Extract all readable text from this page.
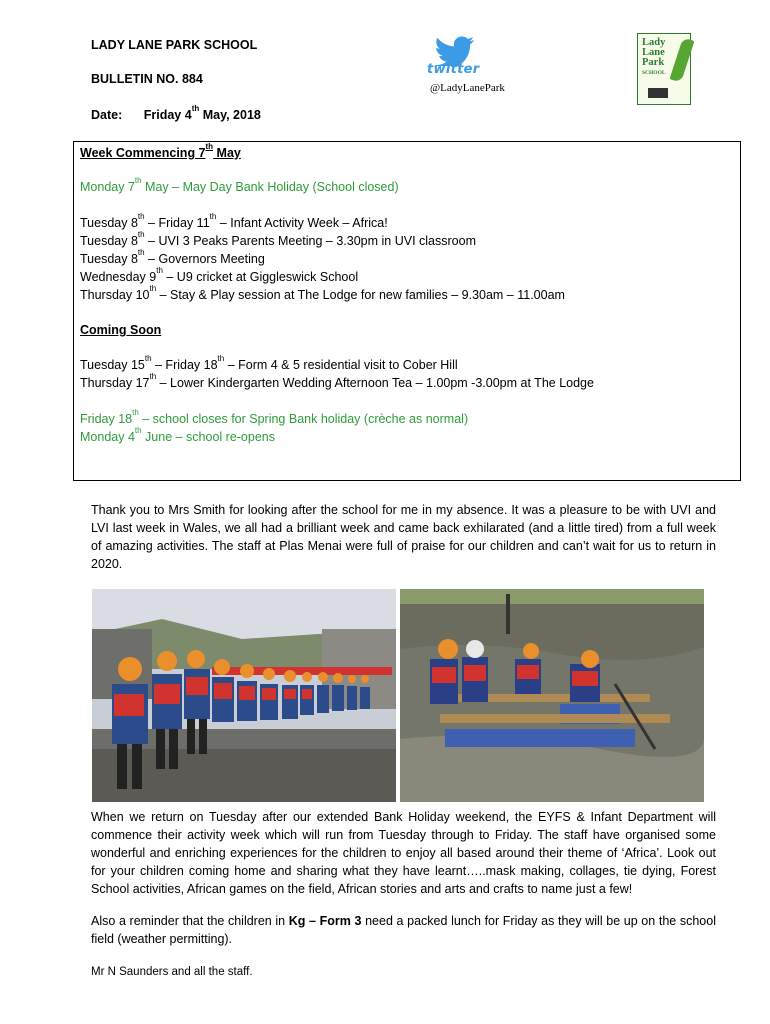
LADY LANE PARK SCHOOL
BULLETIN NO. 884
Date: Friday 4th May, 2018
twitter
@LadyLanePark
Lady
Lane
Park
SCHOOL
Week Commencing 7th May
Monday 7th May – May Day Bank Holiday (School closed)
Tuesday 8th – Friday 11th – Infant Activity Week – Africa!
Tuesday 8th – UVI 3 Peaks Parents Meeting – 3.30pm in UVI classroom
Tuesday 8th – Governors Meeting
Wednesday 9th – U9 cricket at Giggleswick School
Thursday 10th – Stay & Play session at The Lodge for new families – 9.30am – 11.00am
Coming Soon
Tuesday 15th – Friday 18th – Form 4 & 5 residential visit to Cober Hill
Thursday 17th – Lower Kindergarten Wedding Afternoon Tea – 1.00pm -3.00pm at The Lodge
Friday 18th – school closes for Spring Bank holiday (crèche as normal)
Monday 4th June – school re-opens
Thank you to Mrs Smith for looking after the school for me in my absence. It was a pleasure to be with UVI and LVI last week in Wales, we all had a brilliant week and came back exhilarated (and a little tired) from a full week of amazing activities. The staff at Plas Menai were full of praise for our children and can’t wait for us to return in 2020.
When we return on Tuesday after our extended Bank Holiday weekend, the EYFS & Infant Department will commence their activity week which will run from Tuesday through to Friday. The staff have organised some wonderful and enriching experiences for the children to enjoy all based around their theme of ‘Africa’. Look out for your children coming home and sharing what they have learnt…..mask making, collages, tie dying, Forest School activities, African games on the field, African stories and arts and crafts to name just a few!
Also a reminder that the children in Kg – Form 3 need a packed lunch for Friday as they will be up on the school field (weather permitting).
Mr N Saunders and all the staff.
